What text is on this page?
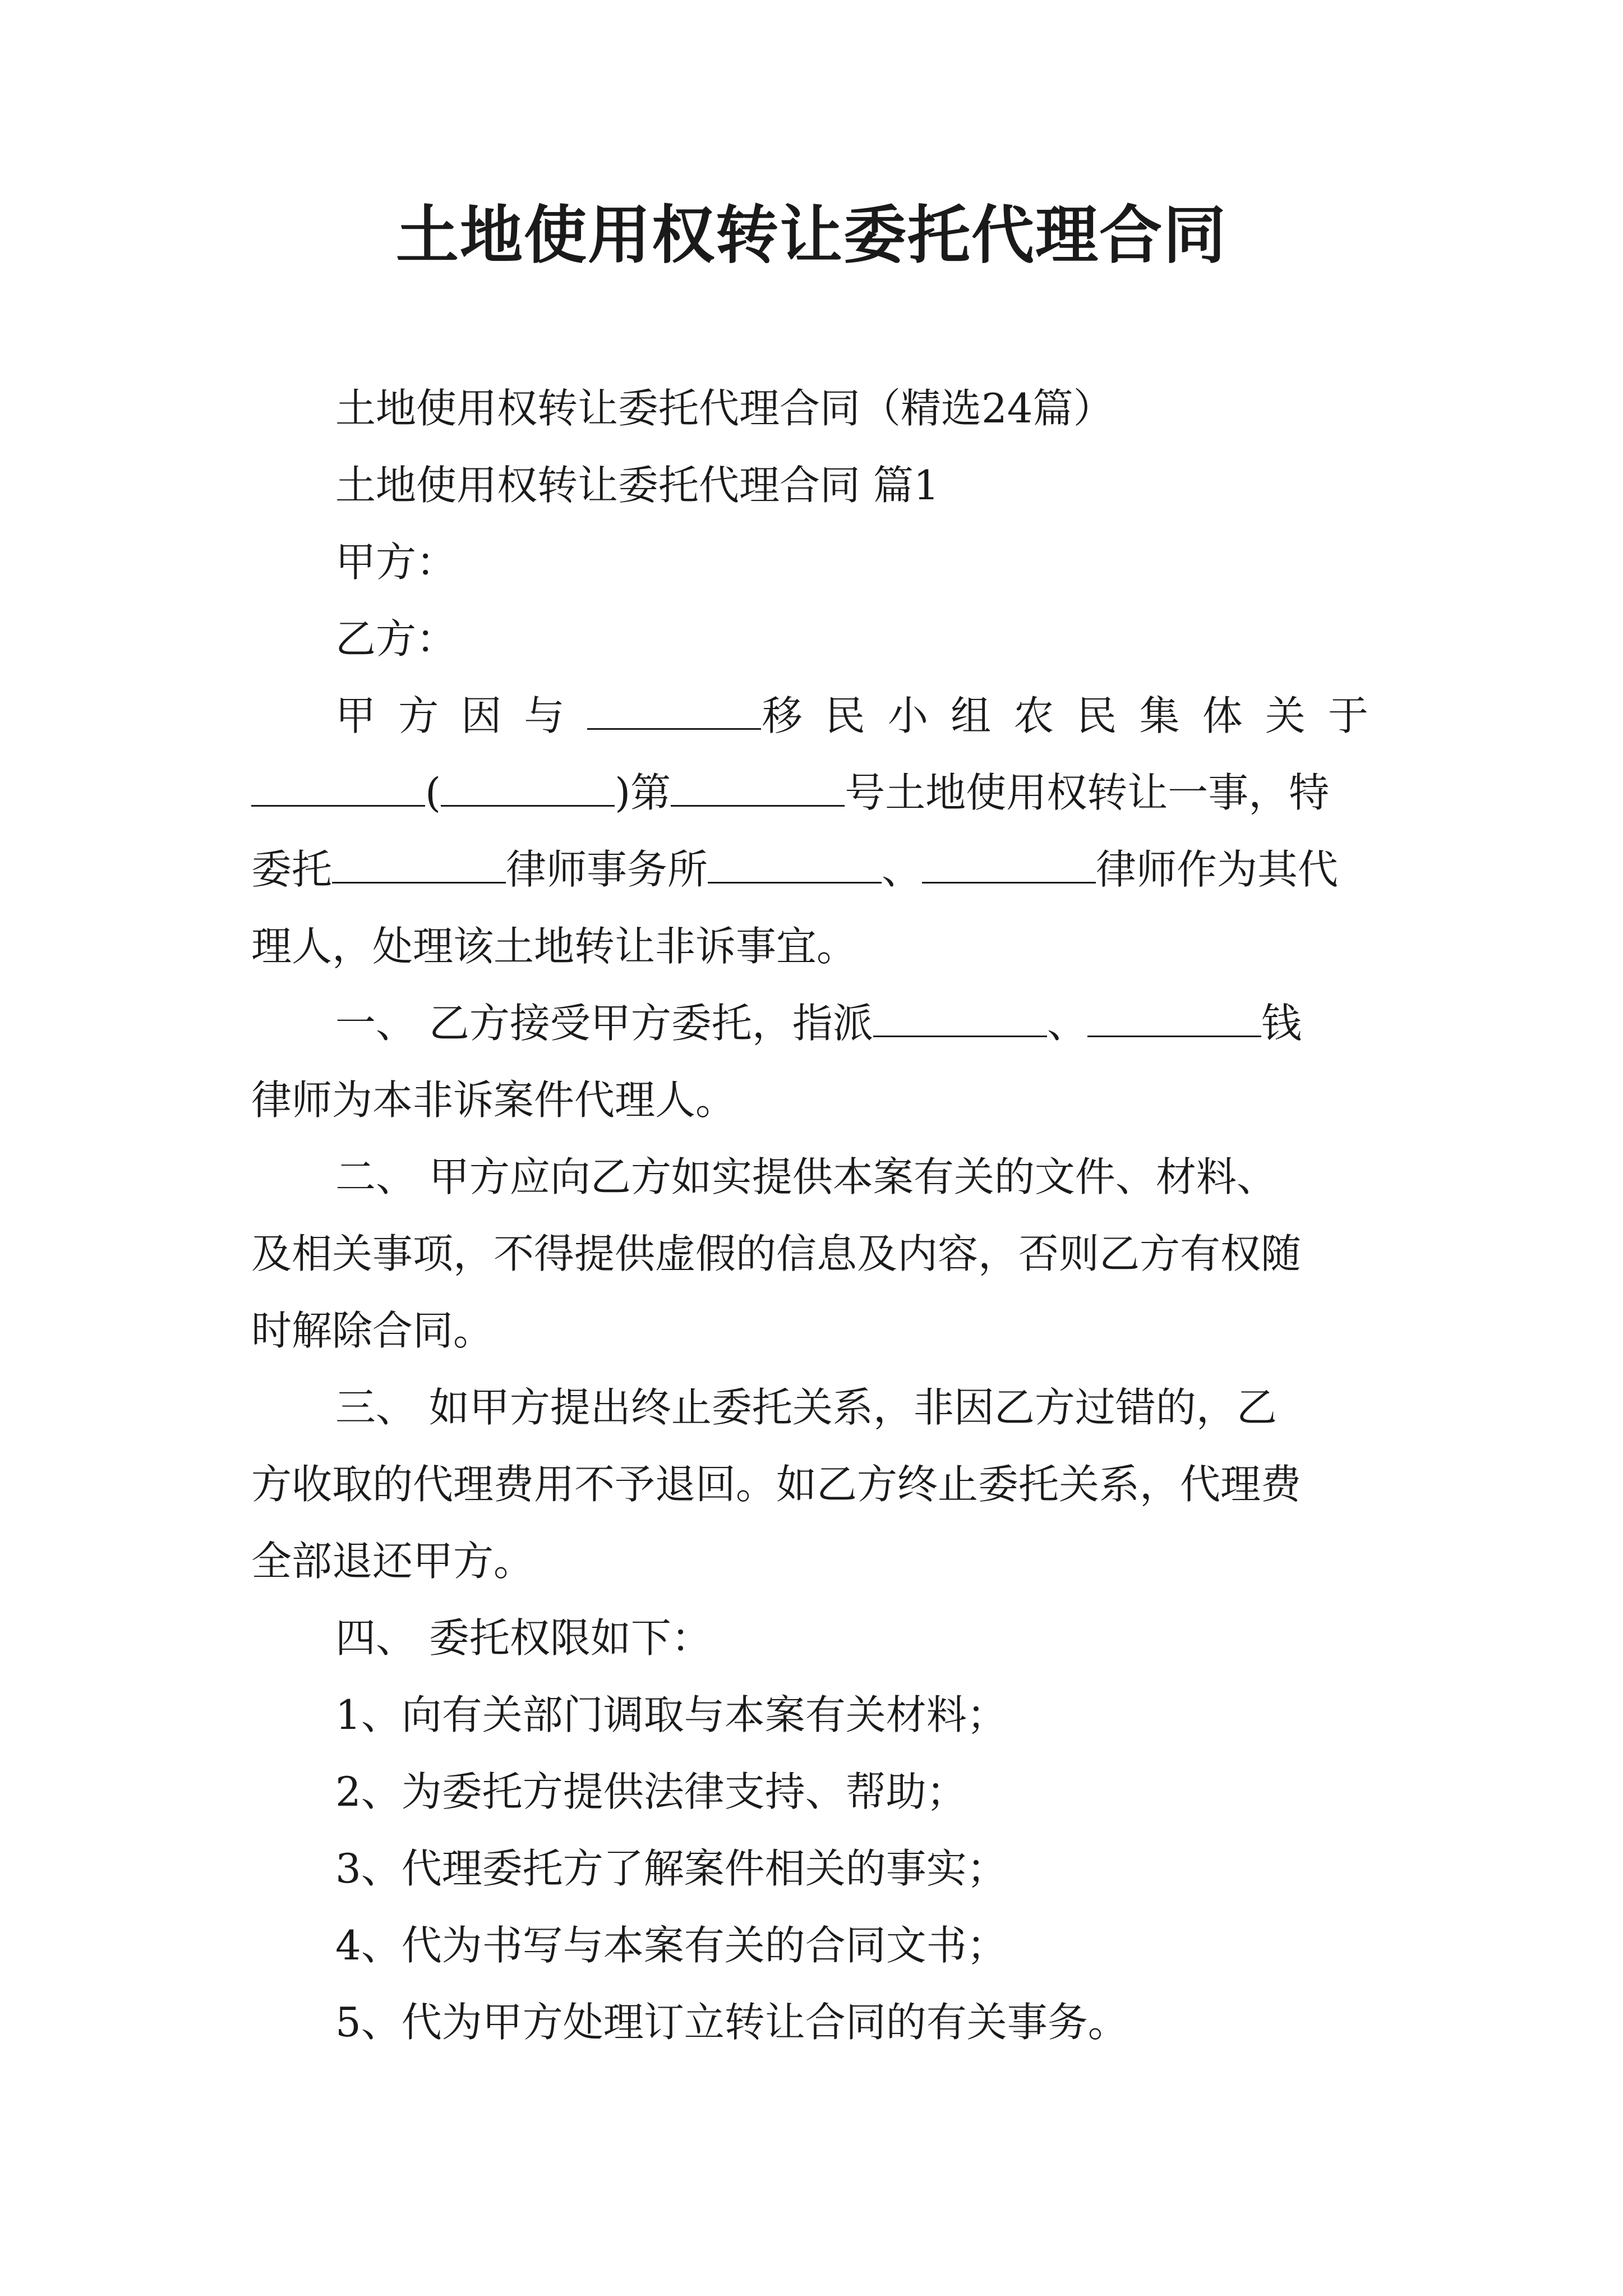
土地使用权转让委托代理合同

土地使用权转让委托代理合同（精选24篇）

土地使用权转让委托代理合同 篇1

甲方：

乙方：

甲方因与	移民小组农民集体关于

(	)第	号土地使用权转让一事，特

委托	律师事务所	、	律师作为其代

理人，处理该土地转让非诉事宜。

一、 乙方接受甲方委托，指派	、	钱

律师为本非诉案件代理人。

二、 甲方应向乙方如实提供本案有关的文件、材料、

及相关事项，不得提供虚假的信息及内容，否则乙方有权随

时解除合同。

三、 如甲方提出终止委托关系，非因乙方过错的，乙

方收取的代理费用不予退回。如乙方终止委托关系，代理费

全部退还甲方。

四、 委托权限如下：

1、向有关部门调取与本案有关材料；

2、为委托方提供法律支持、帮助；

3、代理委托方了解案件相关的事实；

4、代为书写与本案有关的合同文书；

5、代为甲方处理订立转让合同的有关事务。
